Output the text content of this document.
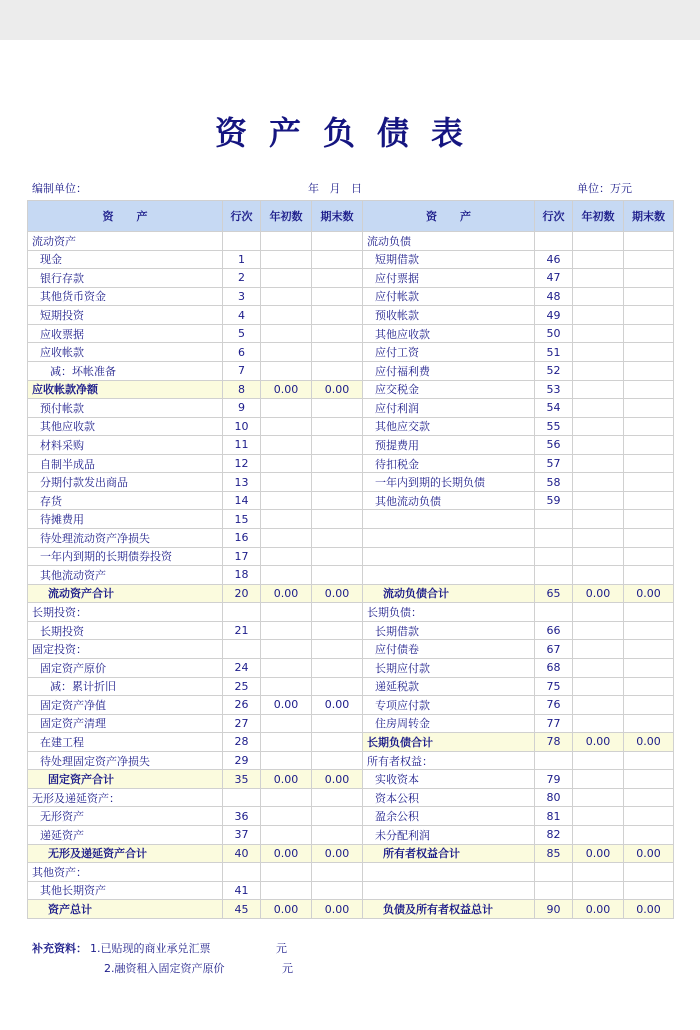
资产负债表
编制单位：	年   月   日	单位：万元
资      产	行次	年初数	期末数	资      产	行次	年初数	期末数
流动资产				流动负债			
现金	1			短期借款	46		
银行存款	2			应付票据	47		
其他货币资金	3			应付帐款	48		
短期投资	4			预收帐款	49		
应收票据	5			其他应收款	50		
应收帐款	6			应付工资	51		
减：坏帐准备	7			应付福利费	52		
应收帐款净额	8	0.00	0.00	应交税金	53		
预付帐款	9			应付利润	54		
其他应收款	10			其他应交款	55		
材料采购	11			预提费用	56		
自制半成品	12			待扣税金	57		
分期付款发出商品	13			一年内到期的长期负债	58		
存货	14			其他流动负债	59		
待摊费用	15						
待处理流动资产净损失	16						
一年内到期的长期债券投资	17						
其他流动资产	18						
流动资产合计	20	0.00	0.00	流动负债合计	65	0.00	0.00
长期投资：				长期负债：			
长期投资	21			长期借款	66		
固定投资：				应付债卷	67		
固定资产原价	24			长期应付款	68		
减：累计折旧	25			递延税款	75		
固定资产净值	26	0.00	0.00	专项应付款	76		
固定资产清理	27			住房周转金	77		
在建工程	28			长期负债合计	78	0.00	0.00
待处理固定资产净损失	29			所有者权益：			
固定资产合计	35	0.00	0.00	实收资本	79		
无形及递延资产：				资本公积	80		
无形资产	36			盈余公积	81		
递延资产	37			未分配利润	82		
无形及递延资产合计	40	0.00	0.00	所有者权益合计	85	0.00	0.00
其他资产：							
其他长期资产	41						
资产总计	45	0.00	0.00	负债及所有者权益总计	90	0.00	0.00
补充资料： 1.已贴现的商业承兑汇票	元
2.融资租入固定资产原价	元
